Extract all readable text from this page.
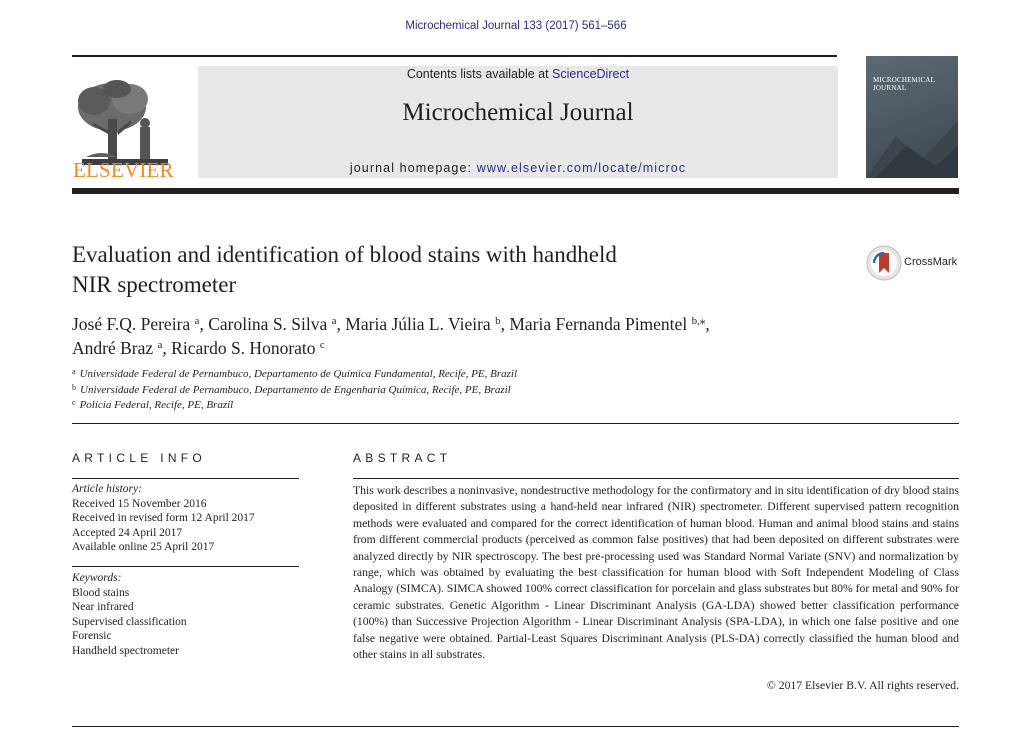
Microchemical Journal 133 (2017) 561–566
ELSEVIER
Contents lists available at ScienceDirect
Microchemical Journal
journal homepage: www.elsevier.com/locate/microc
MICROCHEMICAL
JOURNAL
Evaluation and identification of blood stains with handheld
NIR spectrometer
CrossMark
José F.Q. Pereira $^a$, Carolina S. Silva $^a$, Maria Júlia L. Vieira $^b$, Maria Fernanda Pimentel $^{b,⁎}$,
André Braz $^a$, Ricardo S. Honorato $^c$
$^a$ Universidade Federal de Pernambuco, Departamento de Química Fundamental, Recife, PE, Brazil
$^b$ Universidade Federal de Pernambuco, Departamento de Engenharia Química, Recife, PE, Brazil
$^c$ Polícia Federal, Recife, PE, Brazil
ARTICLE INFO	ABSTRACT
Article history:
Received 15 November 2016
Received in revised form 12 April 2017
Accepted 24 April 2017
Available online 25 April 2017
Keywords:
Blood stains
Near infrared
Supervised classification
Forensic
Handheld spectrometer
This work describes a noninvasive, nondestructive methodology for the confirmatory and in situ identification of dry blood stains deposited in different substrates using a hand-held near infrared (NIR) spectrometer. Different supervised pattern recognition methods were evaluated and compared for the correct identification of human blood. Human and animal blood stains and stains from different commercial products (perceived as common false positives) that had been deposited on different substrates were analyzed directly by NIR spectroscopy. The best pre-processing used was Standard Normal Variate (SNV) and normalization by range, which was obtained by evaluating the best classification for human blood with Soft Independent Modeling of Class Analogy (SIMCA). SIMCA showed 100% correct classification for porcelain and glass substrates but 80% for metal and 90% for ceramic substrates. Genetic Algorithm - Linear Discriminant Analysis (GA-LDA) showed better classification performance (100%) than Successive Projection Algorithm - Linear Discriminant Analysis (SPA-LDA), in which one false positive and one false negative were obtained. Partial-Least Squares Discriminant Analysis (PLS-DA) correctly classified the human blood and other stains in all substrates.
© 2017 Elsevier B.V. All rights reserved.
